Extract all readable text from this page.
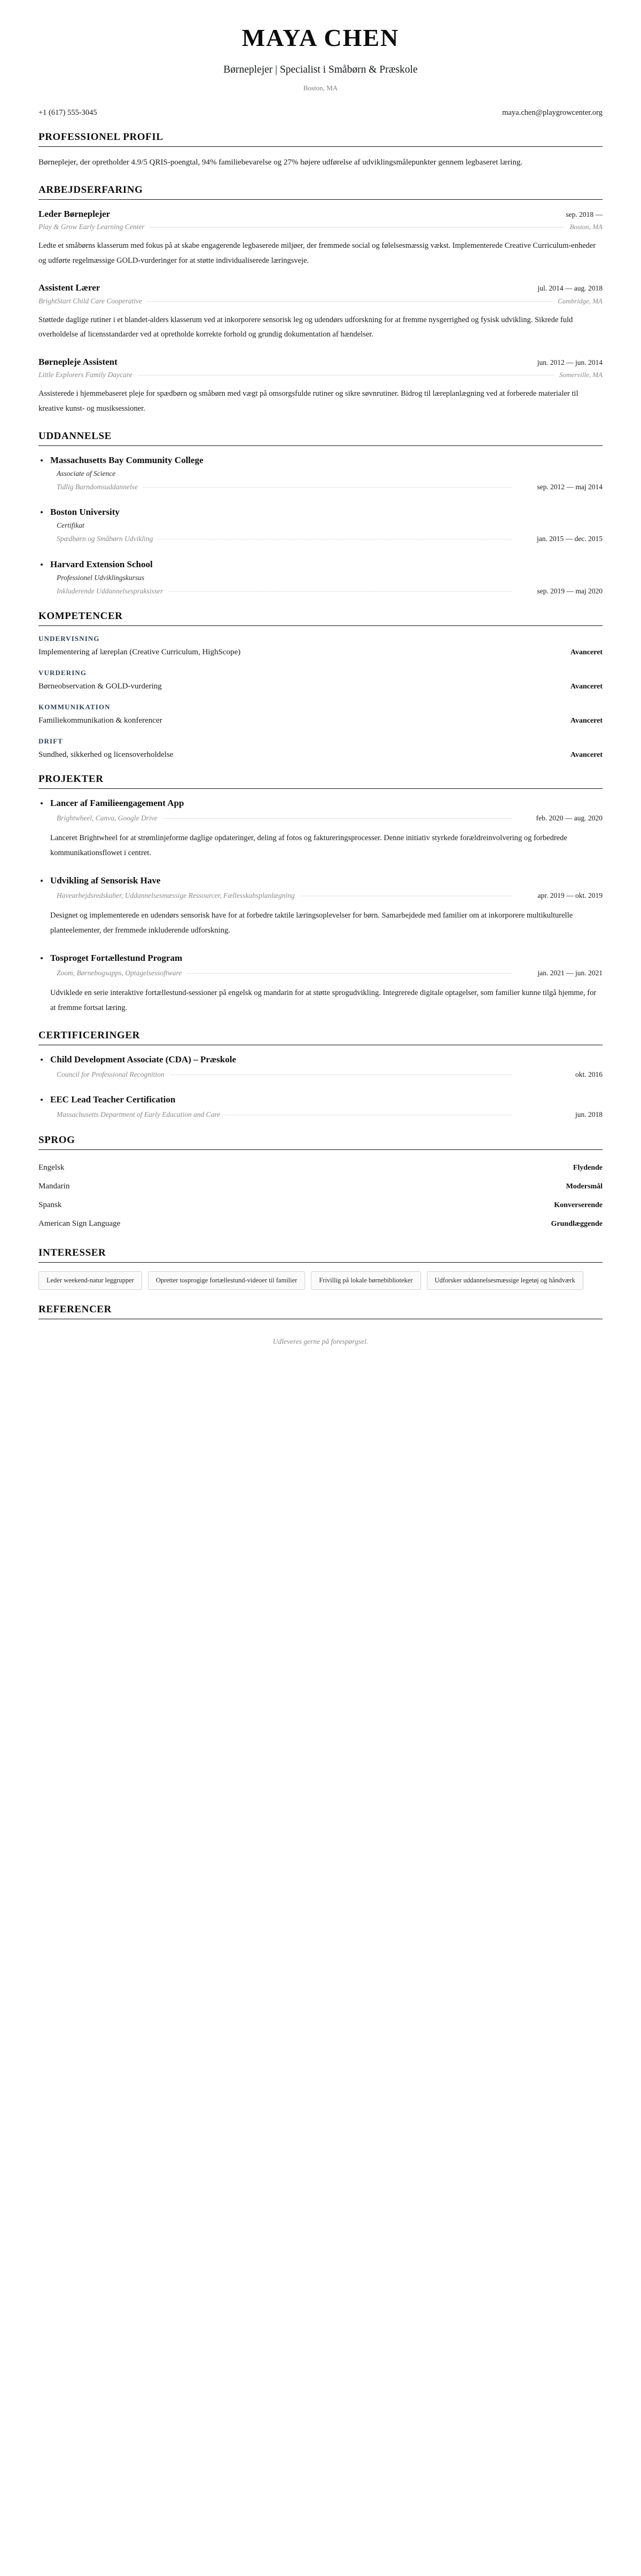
MAYA CHEN
Børneplejer | Specialist i Småbørn & Præskole
Boston, MA
+1 (617) 555-3045	maya.chen@playgrowcenter.org
PROFESSIONEL PROFIL

Børneplejer, der opretholder 4.9/5 QRIS-poengtal, 94% familiebevarelse og 27% højere udførelse af udviklingsmålepunkter gennem legbaseret læring.

ARBEJDSERFARING
Leder Børneplejer	sep. 2018 —
Play & Grow Early Learning Center	Boston, MA
Ledte et småbørns klasserum med fokus på at skabe engagerende legbaserede miljøer, der fremmede social og følelsesmæssig vækst. Implementerede Creative Curriculum-enheder og udførte regelmæssige GOLD-vurderinger for at støtte individualiserede læringsveje.
Assistent Lærer	jul. 2014 — aug. 2018
BrightStart Child Care Cooperative	Cambridge, MA
Støttede daglige rutiner i et blandet-alders klasserum ved at inkorporere sensorisk leg og udendørs udforskning for at fremme nysgerrighed og fysisk udvikling. Sikrede fuld overholdelse af licensstandarder ved at opretholde korrekte forhold og grundig dokumentation af hændelser.
Børnepleje Assistent	jun. 2012 — jun. 2014
Little Explorers Family Daycare	Somerville, MA
Assisterede i hjemmebaseret pleje for spædbørn og småbørn med vægt på omsorgsfulde rutiner og sikre søvnrutiner. Bidrog til læreplanlægning ved at forberede materialer til kreative kunst- og musiksessioner.
UDDANNELSE
Massachusetts Bay Community College
Associate of Science
Tidlig Barndomsuddannelse	sep. 2012 — maj 2014
Boston University
Certifikat
Spædbørn og Småbørn Udvikling	jan. 2015 — dec. 2015
Harvard Extension School
Professionel Udviklingskursus
Inkluderende Uddannelsespraksisser	sep. 2019 — maj 2020
KOMPETENCER
UNDERVISNING
Implementering af læreplan (Creative Curriculum, HighScope)	Avanceret
VURDERING
Børneobservation & GOLD-vurdering	Avanceret
KOMMUNIKATION
Familiekommunikation & konferencer	Avanceret
DRIFT
Sundhed, sikkerhed og licensoverholdelse	Avanceret
PROJEKTER
Lancer af Familieengagement App
Brightwheel, Canva, Google Drive	feb. 2020 — aug. 2020
Lanceret Brightwheel for at strømlinjeforme daglige opdateringer, deling af fotos og faktureringsprocesser. Denne initiativ styrkede forældreinvolvering og forbedrede kommunikationsflowet i centret.
Udvikling af Sensorisk Have
Havearbejdsredskaber, Uddannelsesmæssige Ressourcer, Fællesskabsplanlægning	apr. 2019 — okt. 2019
Designet og implementerede en udendørs sensorisk have for at forbedre taktile læringsoplevelser for børn. Samarbejdede med familier om at inkorporere multikulturelle planteelementer, der fremmede inkluderende udforskning.
Tosproget Fortællestund Program
Zoom, Børnebogsapps, Optagelsessoftware	jan. 2021 — jun. 2021
Udviklede en serie interaktive fortællestund-sessioner på engelsk og mandarin for at støtte sprogudvikling. Integrerede digitale optagelser, som familier kunne tilgå hjemme, for at fremme fortsat læring.
CERTIFICERINGER
Child Development Associate (CDA) – Præskole
Council for Professional Recognition	okt. 2016
EEC Lead Teacher Certification
Massachusetts Department of Early Education and Care	jun. 2018
SPROG
Engelsk	Flydende
Mandarin	Modersmål
Spansk	Konverserende
American Sign Language	Grundlæggende
INTERESSER
Leder weekend-natur leggrupper	Opretter tosprogige fortællestund-videoer til familier	Frivillig på lokale børnebiblioteker	Udforsker uddannelsesmæssige legetøj og håndværk
REFERENCER
Udleveres gerne på forespørgsel.
